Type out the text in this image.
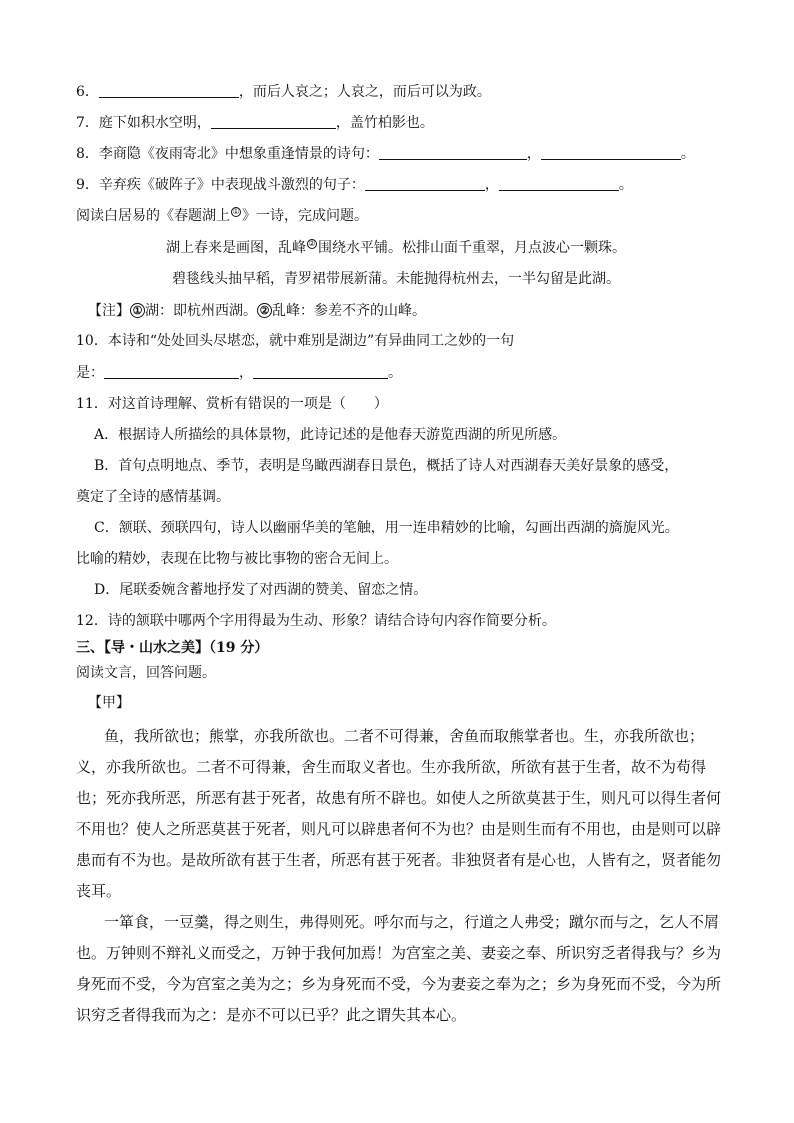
6．	，而后人哀之；人哀之，而后可以为政。
7．庭下如积水空明，	，盖竹柏影也。
8．李商隐《夜雨寄北》中想象重逢情景的诗句：	，	。
9．辛弃疾《破阵子》中表现战斗激烈的句子：	，	。
阅读白居易的《春题湖上 ① 》一诗，完成问题。
湖上春来是画图，乱峰 ② 围绕水平铺。松排山面千重翠，月点波心一颗珠。
碧毯线头抽早稻，青罗裙带展新蒲。未能抛得杭州去，一半勾留是此湖。
【注】 ① 湖：即杭州西湖。 ② 乱峰：参差不齐的山峰。
10．本诗和“处处回头尽堪恋，就中难别是湖边”有异曲同工之妙的一句
是：	，	。
11．对这首诗理解、赏析有错误的一项是（　　）
A．根据诗人所描绘的具体景物，此诗记述的是他春天游览西湖的所见所感。
B．首句点明地点、季节，表明是鸟瞰西湖春日景色，概括了诗人对西湖春天美好景象的感受，
奠定了全诗的感情基调。
C．颔联、颈联四句，诗人以幽丽华美的笔触，用一连串精妙的比喻，勾画出西湖的旖旎风光。
比喻的精妙，表现在比物与被比事物的密合无间上。
D．尾联委婉含蓄地抒发了对西湖的赞美、留恋之情。
12．诗的颔联中哪两个字用得最为生动、形象？请结合诗句内容作简要分析。
三、【导・山水之美】（19 分）
阅读文言，回答问题。
【甲】
鱼，我所欲也；熊掌，亦我所欲也。二者不可得兼，舍鱼而取熊掌者也。生，亦我所欲也；
义，亦我所欲也。二者不可得兼，舍生而取义者也。生亦我所欲，所欲有甚于生者，故不为苟得
也；死亦我所恶，所恶有甚于死者，故患有所不辟也。如使人之所欲莫甚于生，则凡可以得生者何
不用也？使人之所恶莫甚于死者，则凡可以辟患者何不为也？由是则生而有不用也，由是则可以辟
患而有不为也。是故所欲有甚于生者，所恶有甚于死者。非独贤者有是心也，人皆有之，贤者能勿
丧耳。
一箪食，一豆羹，得之则生，弗得则死。呼尔而与之，行道之人弗受；蹴尔而与之，乞人不屑
也。万钟则不辩礼义而受之，万钟于我何加焉！为宫室之美、妻妾之奉、所识穷乏者得我与？乡为
身死而不受，今为宫室之美为之；乡为身死而不受，今为妻妾之奉为之；乡为身死而不受，今为所
识穷乏者得我而为之：是亦不可以已乎？此之谓失其本心。
